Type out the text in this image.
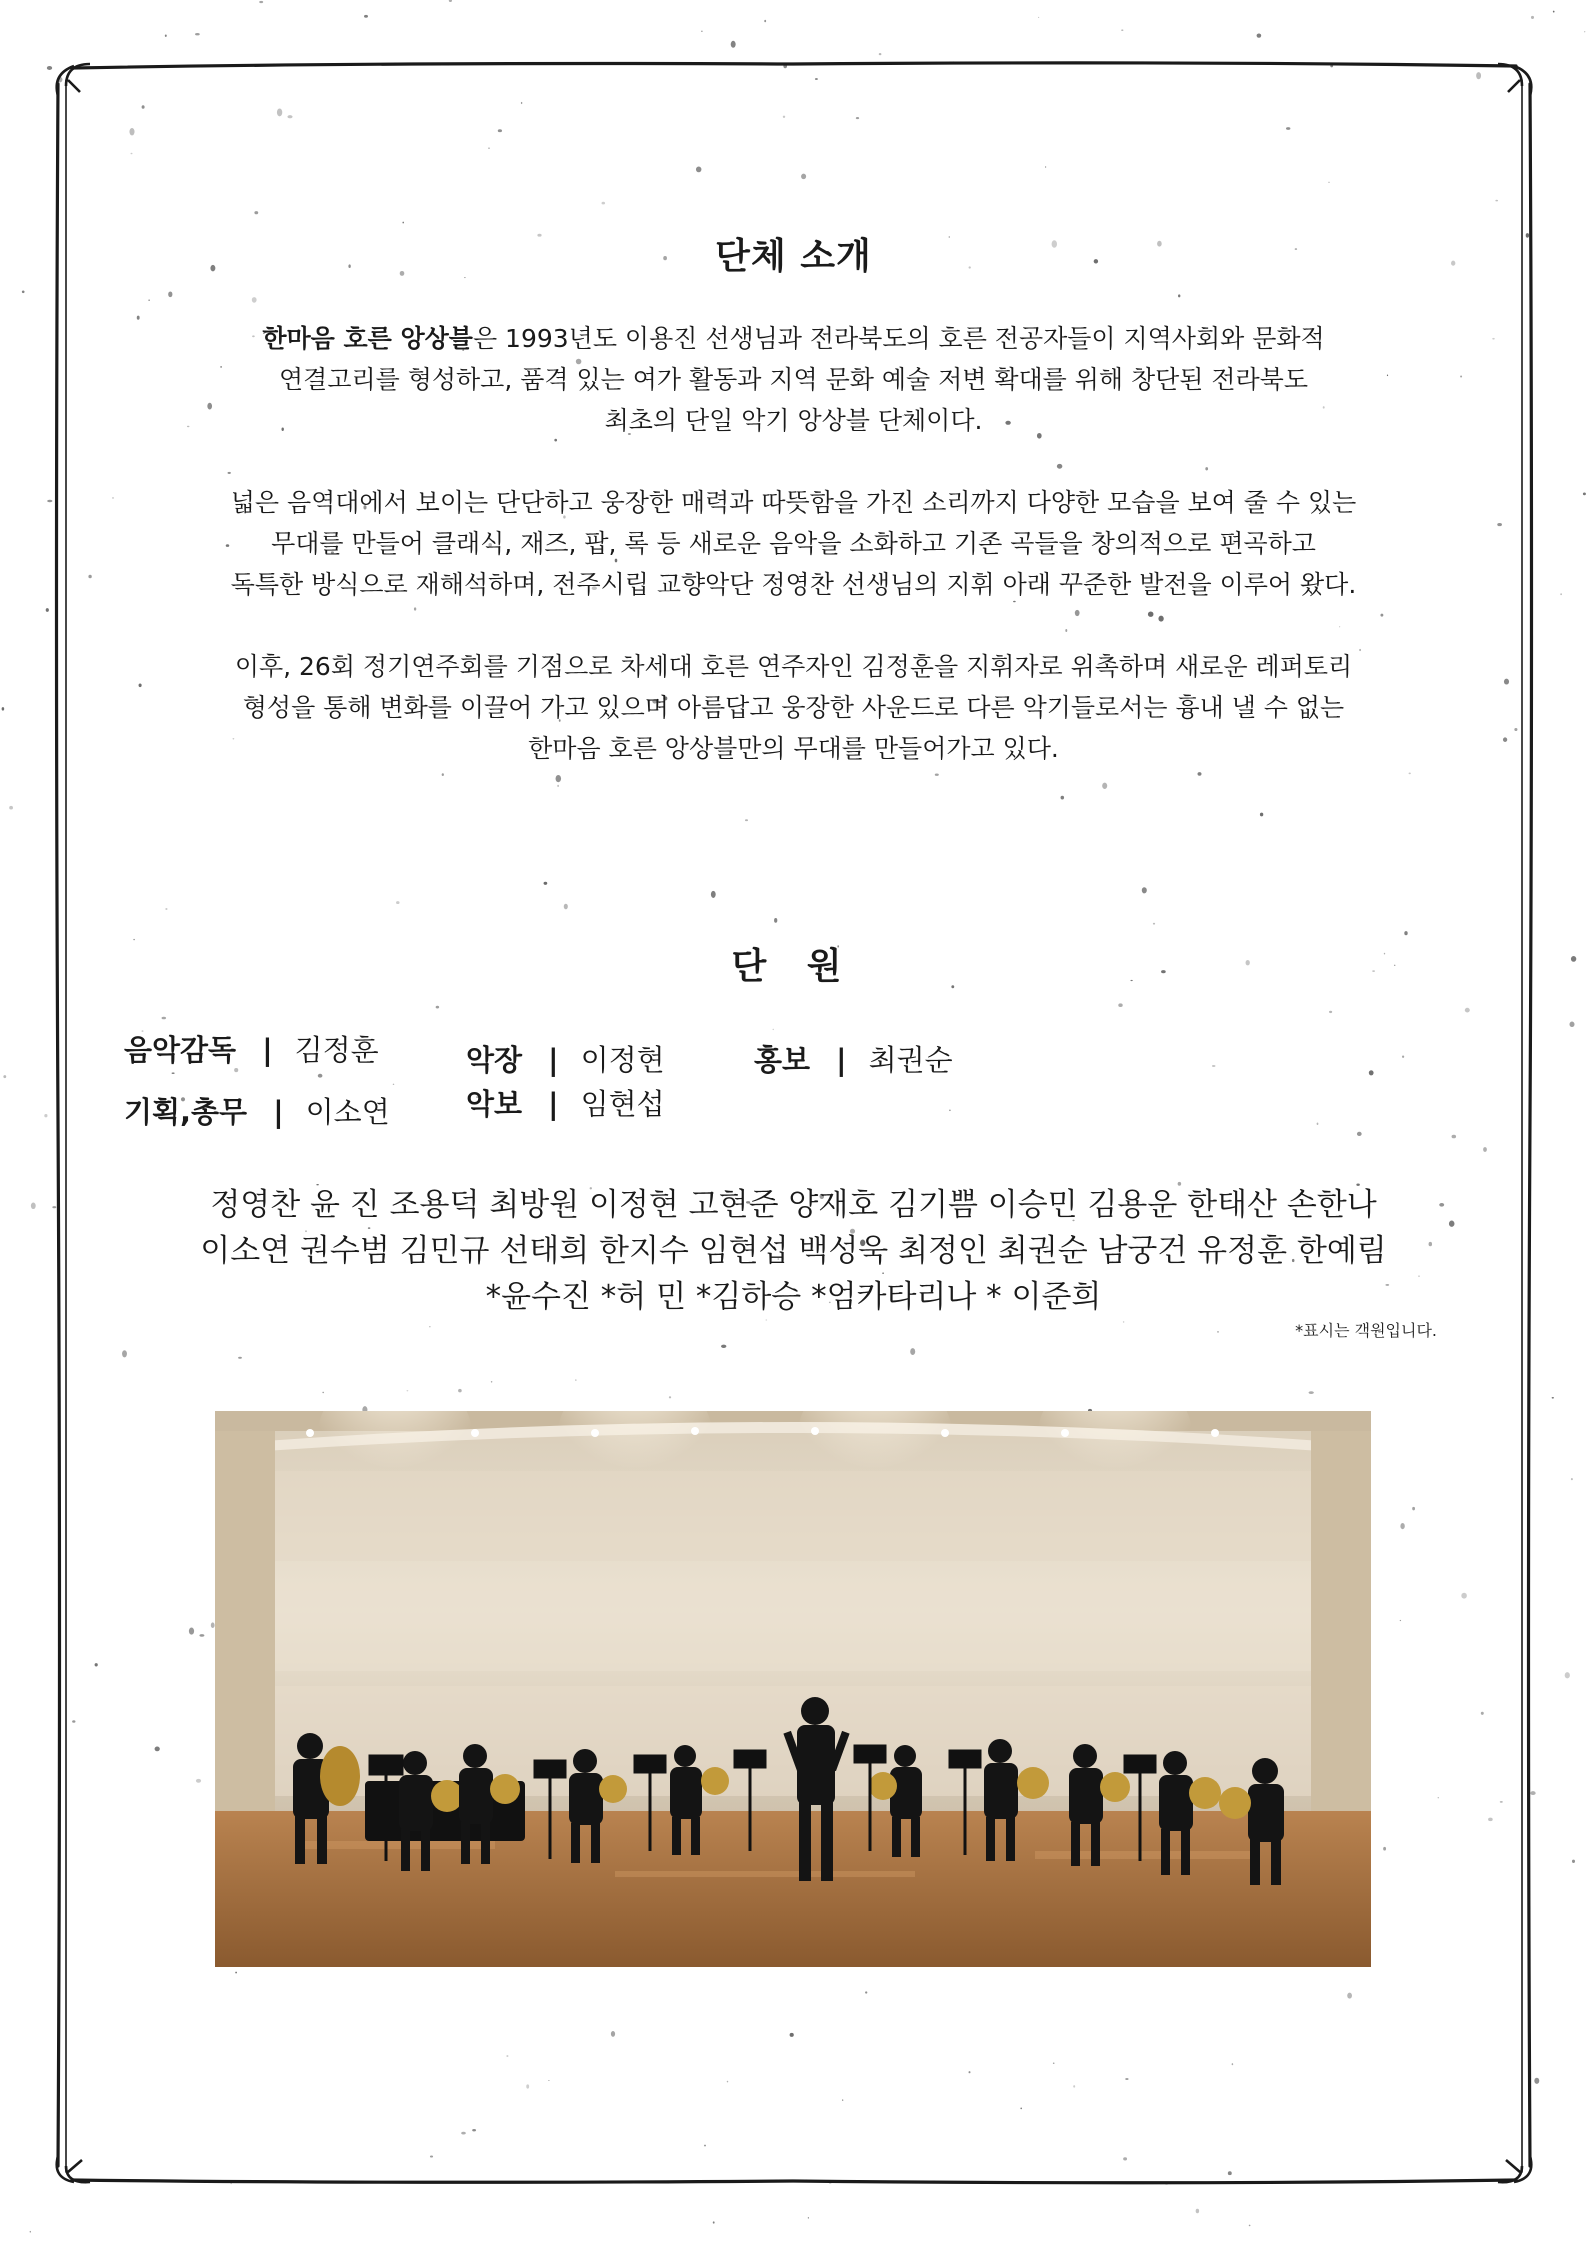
단체 소개

한마음 호른 앙상블은 1993년도 이용진 선생님과 전라북도의 호른 전공자들이 지역사회와 문화적
연결고리를 형성하고, 품격 있는 여가 활동과 지역 문화 예술 저변 확대를 위해 창단된 전라북도
최초의 단일 악기 앙상블 단체이다.

넓은 음역대에서 보이는 단단하고 웅장한 매력과 따뜻함을 가진 소리까지 다양한 모습을 보여 줄 수 있는
무대를 만들어 클래식, 재즈, 팝, 록 등 새로운 음악을 소화하고 기존 곡들을 창의적으로 편곡하고
독특한 방식으로 재해석하며, 전주시립 교향악단 정영찬 선생님의 지휘 아래 꾸준한 발전을 이루어 왔다.

이후, 26회 정기연주회를 기점으로 차세대 호른 연주자인 김정훈을 지휘자로 위촉하며 새로운 레퍼토리
형성을 통해 변화를 이끌어 가고 있으며 아름답고 웅장한 사운드로 다른 악기들로서는 흉내 낼 수 없는
한마음 호른 앙상블만의 무대를 만들어가고 있다.

단 원
음악감독 | 김정훈
기획,총무 | 이소연
악장 | 이정현
악보 | 임현섭
홍보 | 최권순

정영찬 윤 진 조용덕 최방원 이정현 고현준 양재호 김기쁨 이승민 김용운 한태산 손한나
이소연 권수범 김민규 선태희 한지수 임현섭 백성욱 최정인 최권순 남궁건 유정훈 한예림
*윤수진 *허 민 *김하승 *엄카타리나 * 이준희

*표시는 객원입니다.
